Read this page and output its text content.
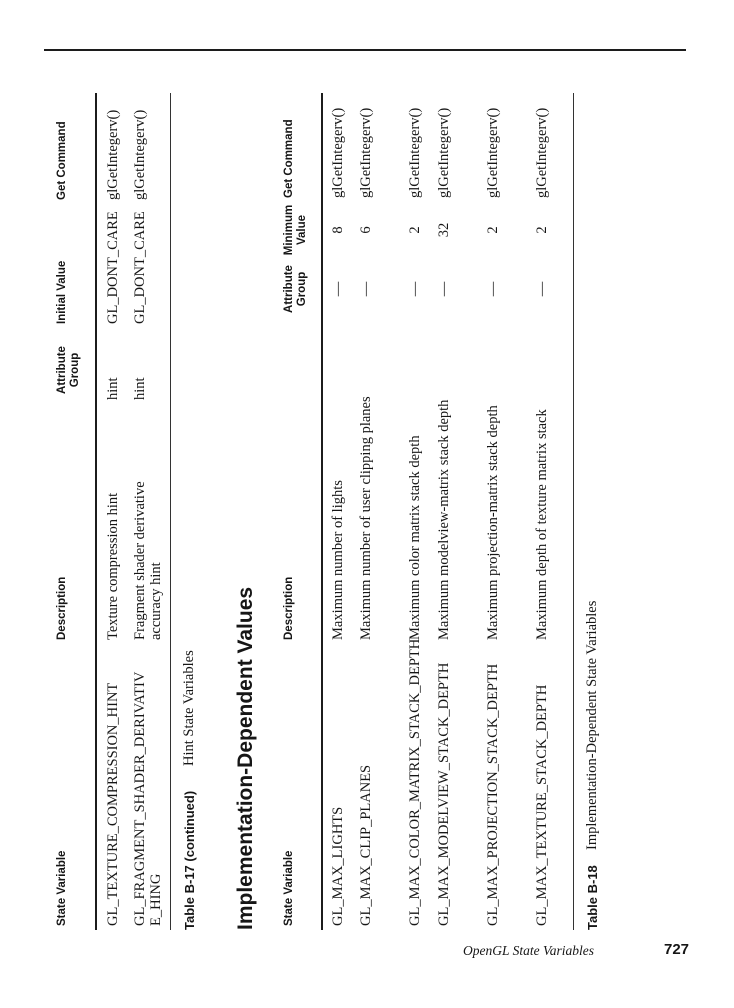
State Variable
Description
Attribute Group
Initial Value
Get Command
GL_TEXTURE_COMPRESSION_HINT
Texture compression hint
hint
GL_DONT_CARE
glGetIntegerv()
GL_FRAGMENT_SHADER_DERIVATIVE_HING
Fragment shader derivative accuracy hint
hint
GL_DONT_CARE
glGetIntegerv()
Table B-17 (continued)
Hint State Variables Implementation-Dependent Values State Variable
Description
Attribute Group
Minimum Value
Get Command
GL_MAX_LIGHTS
Maximum number of lights
—
8
glGetIntegerv()
GL_MAX_CLIP_PLANES
Maximum number of user clipping planes
—
6
glGetIntegerv()
GL_MAX_COLOR_MATRIX_STACK_DEPTH
Maximum color matrix stack depth
—
2
glGetIntegerv()
GL_MAX_MODELVIEW_STACK_DEPTH
Maximum modelview-matrix stack depth
—
32
glGetIntegerv()
GL_MAX_PROJECTION_STACK_DEPTH
Maximum projection-matrix stack depth
—
2
glGetIntegerv()
GL_MAX_TEXTURE_STACK_DEPTH
Maximum depth of texture matrix stack
—
2
glGetIntegerv()
Table B-18
Implementation-Dependent State Variables
OpenGL State Variables	727
